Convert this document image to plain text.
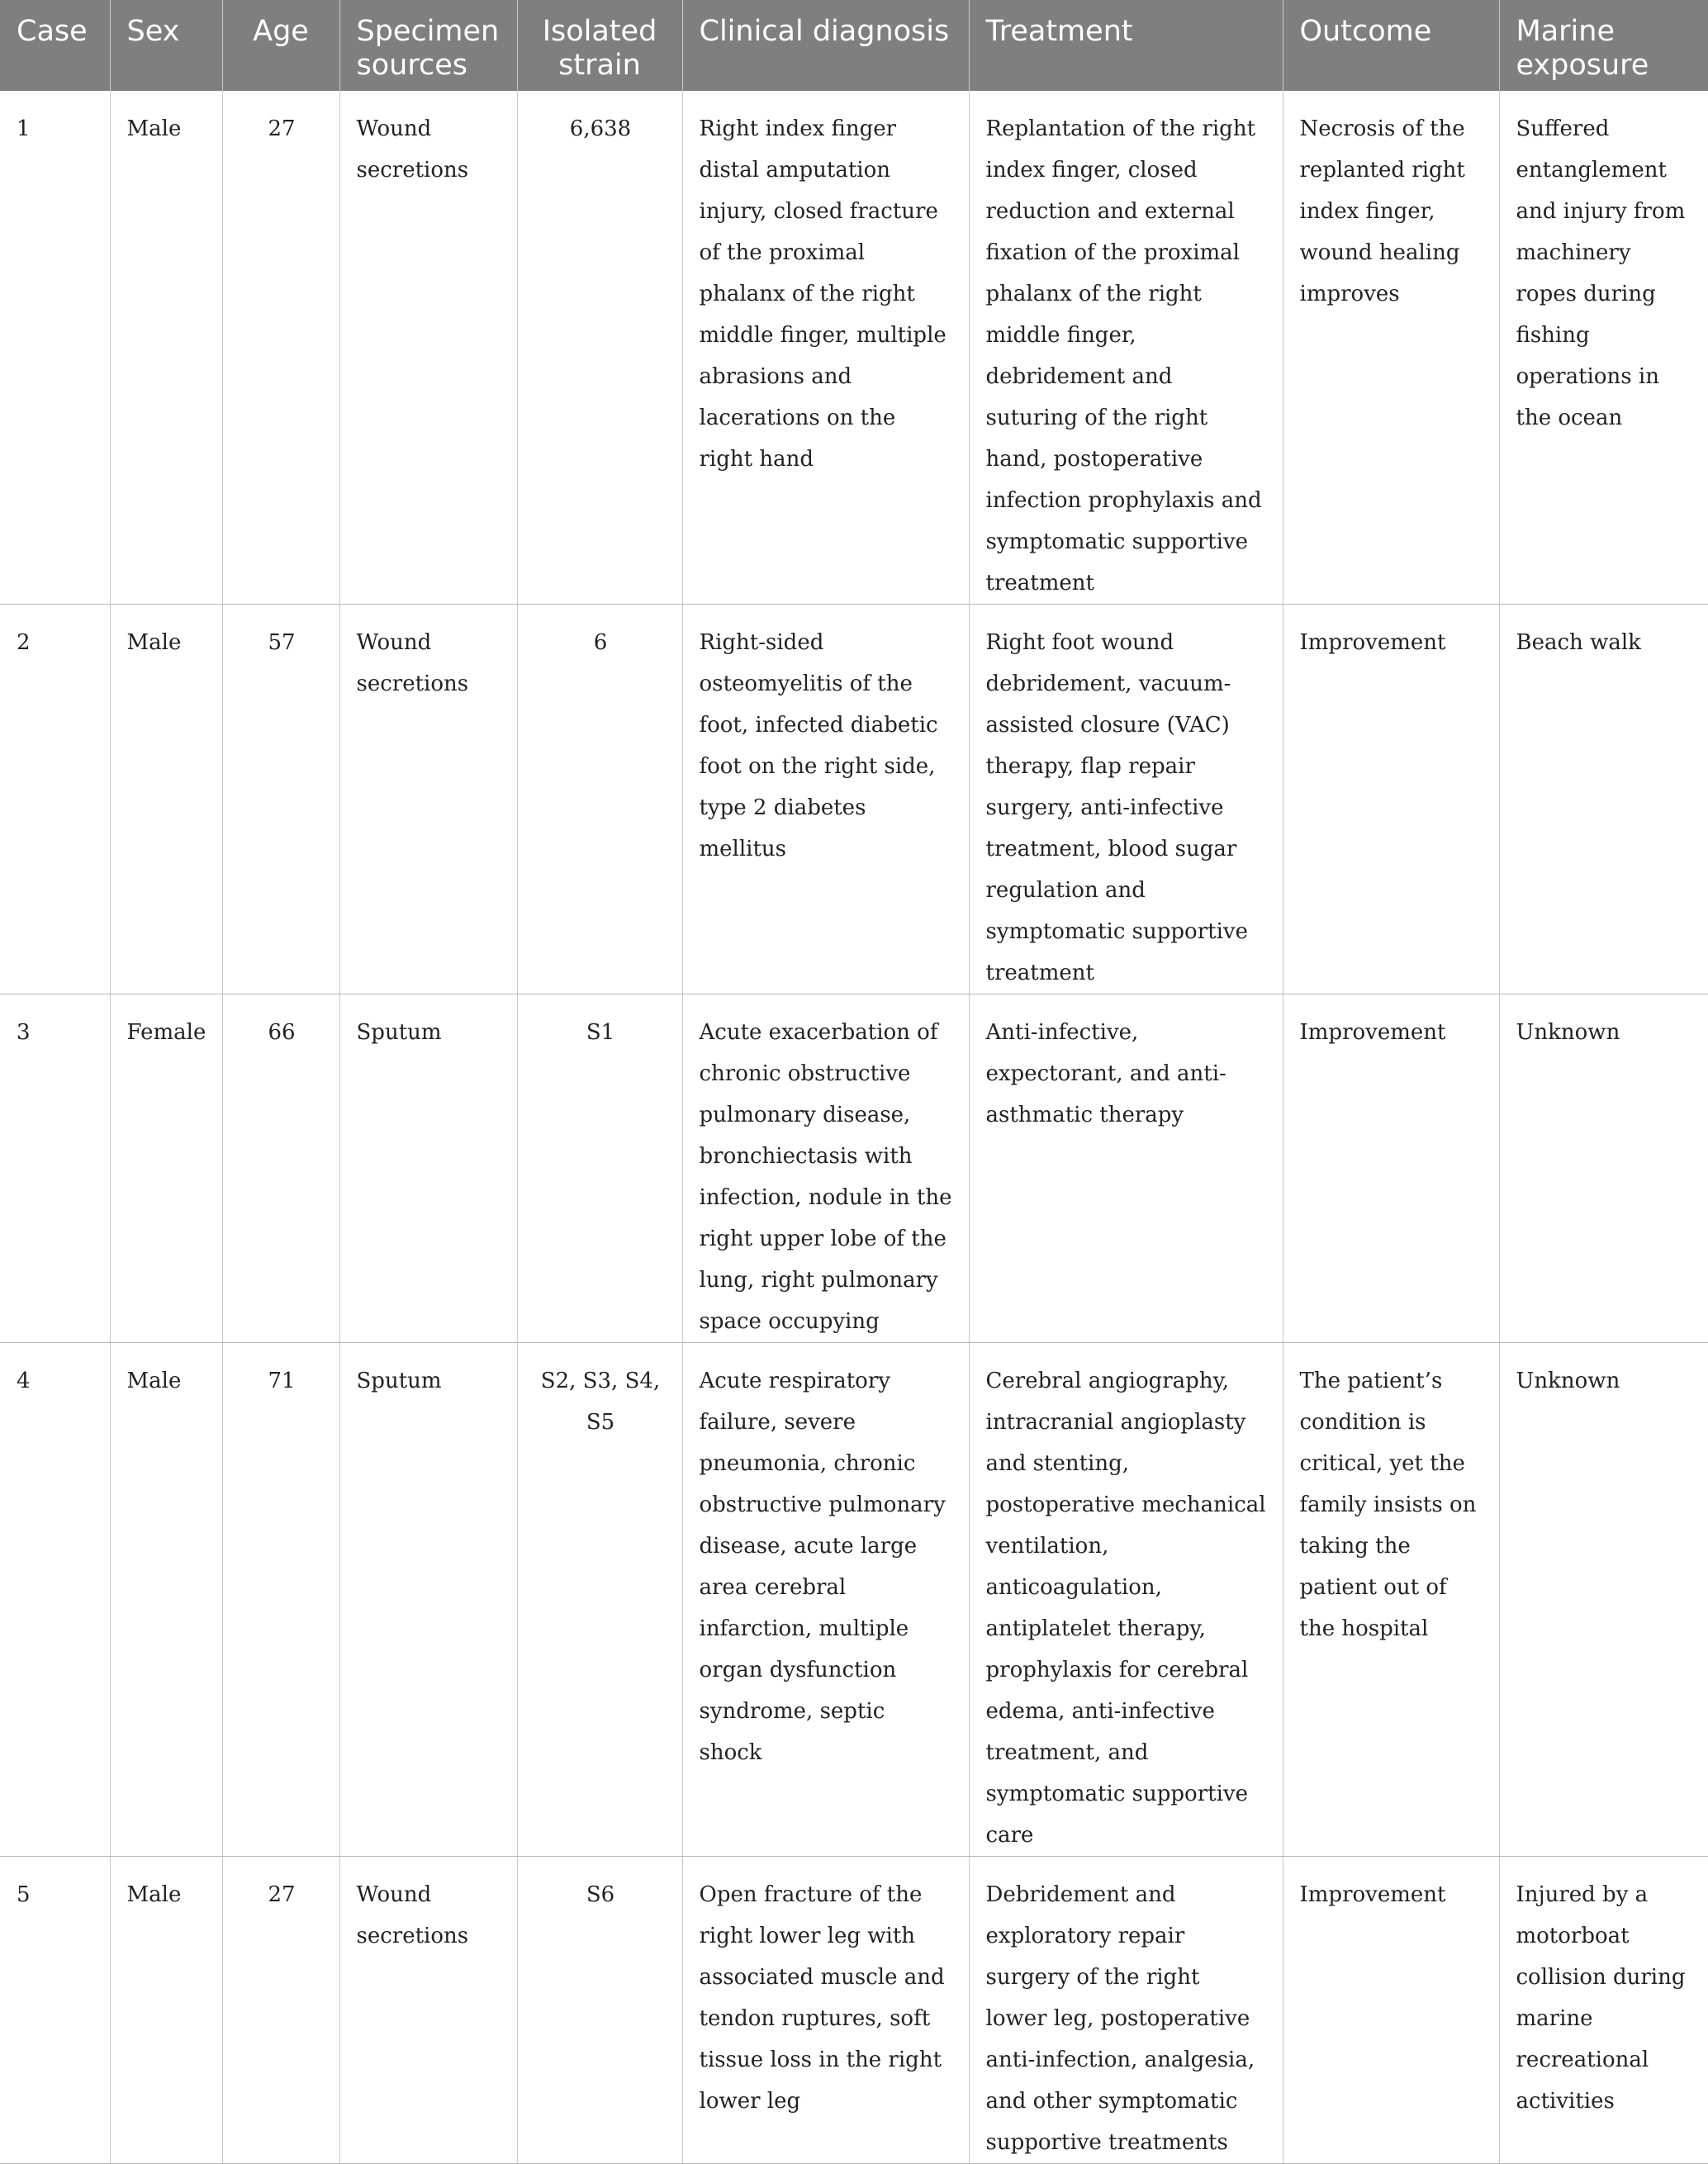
Case	Sex	Age	Specimen sources	Isolated strain	Clinical diagnosis	Treatment	Outcome	Marine exposure
1	Male	27	Wound secretions	6,638	Right index finger distal amputation injury, closed fracture of the proximal phalanx of the right middle finger, multiple abrasions and lacerations on the right hand	Replantation of the right index finger, closed reduction and external fixation of the proximal phalanx of the right middle finger, debridement and suturing of the right hand, postoperative infection prophylaxis and symptomatic supportive treatment	Necrosis of the replanted right index finger, wound healing improves	Suffered entanglement and injury from machinery ropes during fishing operations in the ocean
2	Male	57	Wound secretions	6	Right-sided osteomyelitis of the foot, infected diabetic foot on the right side, type 2 diabetes mellitus	Right foot wound debridement, vacuum-assisted closure (VAC) therapy, flap repair surgery, anti-infective treatment, blood sugar regulation and symptomatic supportive treatment	Improvement	Beach walk
3	Female	66	Sputum	S1	Acute exacerbation of chronic obstructive pulmonary disease, bronchiectasis with infection, nodule in the right upper lobe of the lung, right pulmonary space occupying	Anti-infective, expectorant, and anti-asthmatic therapy	Improvement	Unknown
4	Male	71	Sputum	S2, S3, S4, S5	Acute respiratory failure, severe pneumonia, chronic obstructive pulmonary disease, acute large area cerebral infarction, multiple organ dysfunction syndrome, septic shock	Cerebral angiography, intracranial angioplasty and stenting, postoperative mechanical ventilation, anticoagulation, antiplatelet therapy, prophylaxis for cerebral edema, anti-infective treatment, and symptomatic supportive care	The patient’s condition is critical, yet the family insists on taking the patient out of the hospital	Unknown
5	Male	27	Wound secretions	S6	Open fracture of the right lower leg with associated muscle and tendon ruptures, soft tissue loss in the right lower leg	Debridement and exploratory repair surgery of the right lower leg, postoperative anti-infection, analgesia, and other symptomatic supportive treatments	Improvement	Injured by a motorboat collision during marine recreational activities
